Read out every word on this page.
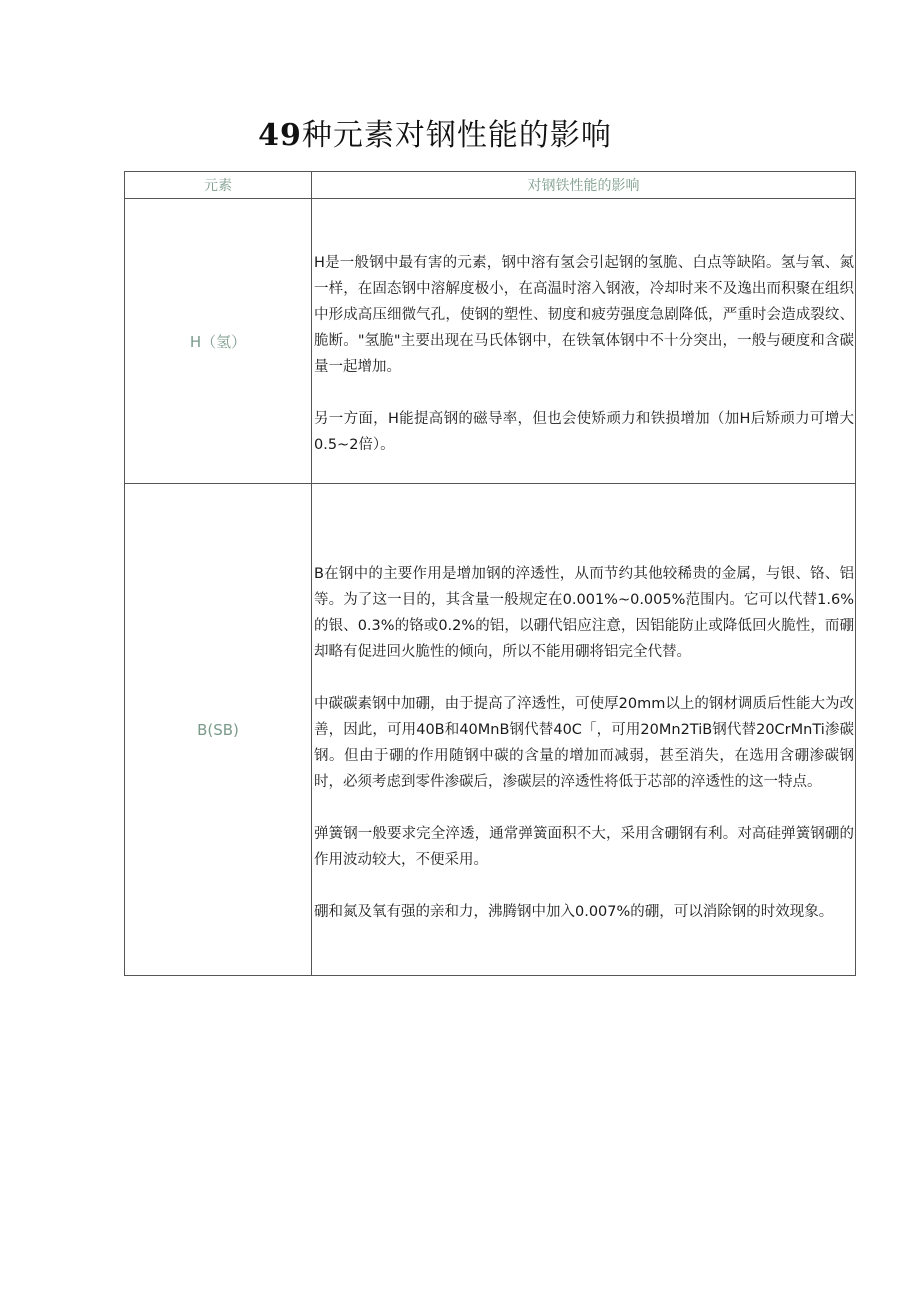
49种元素对钢性能的影响
元素	对钢铁性能的影响
H（氢）	H是一般钢中最有害的元素，钢中溶有氢会引起钢的氢脆、白点等缺陷。氢与氧、氮一样，在固态钢中溶解度极小，在高温时溶入钢液，冷却时来不及逸出而积聚在组织中形成高压细微气孔，使钢的塑性、韧度和疲劳强度急剧降低，严重时会造成裂纹、脆断。"氢脆"主要出现在马氏体钢中，在铁氧体钢中不十分突出，一般与硬度和含碳量一起增加。

另一方面，H能提高钢的磁导率，但也会使矫顽力和铁损增加（加H后矫顽力可增大0.5~2倍）。

B(SB)	B在钢中的主要作用是增加钢的淬透性，从而节约其他较稀贵的金属，与银、铬、铝等。为了这一目的，其含量一般规定在0.001%~0.005%范围内。它可以代替1.6%的银、0.3%的铬或0.2%的铝，以硼代铝应注意，因铝能防止或降低回火脆性，而硼却略有促进回火脆性的倾向，所以不能用硼将铝完全代替。

中碳碳素钢中加硼，由于提高了淬透性，可使厚20mm以上的钢材调质后性能大为改善，因此，可用40B和40MnB钢代替40C「，可用20Mn2TiB钢代替20CrMnTi渗碳钢。但由于硼的作用随钢中碳的含量的增加而减弱，甚至消失，在选用含硼渗碳钢时，必须考虑到零件渗碳后，渗碳层的淬透性将低于芯部的淬透性的这一特点。

弹簧钢一般要求完全淬透，通常弹簧面积不大，采用含硼钢有利。对高硅弹簧钢硼的作用波动较大，不便采用。

硼和氮及氧有强的亲和力，沸腾钢中加入0.007%的硼，可以消除钢的时效现象。
